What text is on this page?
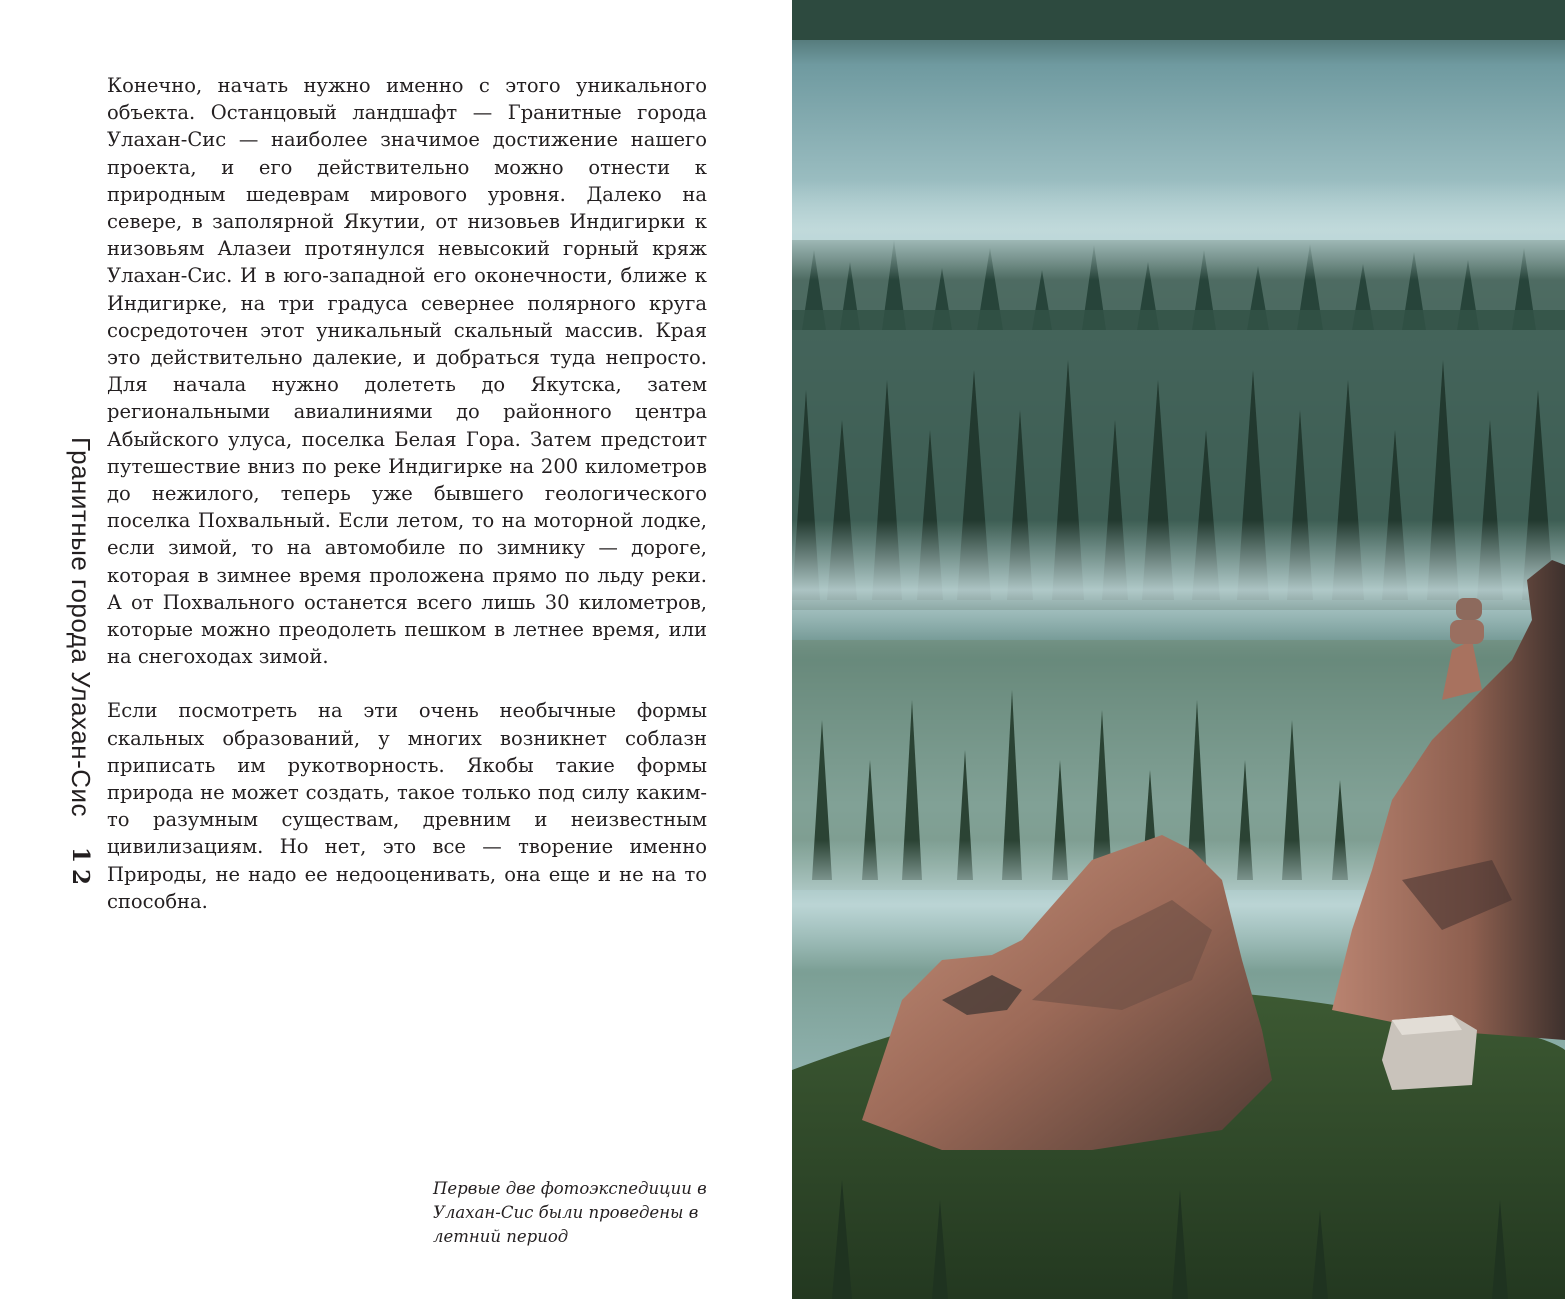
Гранитные города Улахан-Сис
12

Конечно, начать нужно именно с этого уникального объекта. Останцовый ландшафт — Гранитные города Улахан-Сис — наиболее значимое достижение нашего проекта, и его действительно можно отнести к природным шедеврам мирового уровня. Далеко на севере, в заполярной Якутии, от низовьев Индигирки к низовьям Алазеи протянулся невысокий горный кряж Улахан-Сис. И в юго-западной его оконечности, ближе к Индигирке, на три градуса севернее полярного круга сосредоточен этот уникальный скальный массив. Края это действительно далекие, и добраться туда непросто. Для начала нужно долететь до Якутска, затем региональными авиалиниями до районного центра Абыйского улуса, поселка Белая Гора. Затем предстоит путешествие вниз по реке Индигирке на 200 километров до нежилого, теперь уже бывшего геологического поселка Похвальный. Если летом, то на моторной лодке, если зимой, то на автомобиле по зимнику — дороге, которая в зимнее время проложена прямо по льду реки. А от Похвального останется всего лишь 30 километров, которые можно преодолеть пешком в летнее время, или на снегоходах зимой.

Если посмотреть на эти очень необычные формы скальных образований, у многих возникнет соблазн приписать им рукотворность. Якобы такие формы природа не может создать, такое только под силу каким-то разумным существам, древним и неизвестным цивилизациям. Но нет, это все — творение именно Природы, не надо ее недооценивать, она еще и не на то способна.

Первые две фотоэкспедиции в Улахан-Сис были проведены в летний период
